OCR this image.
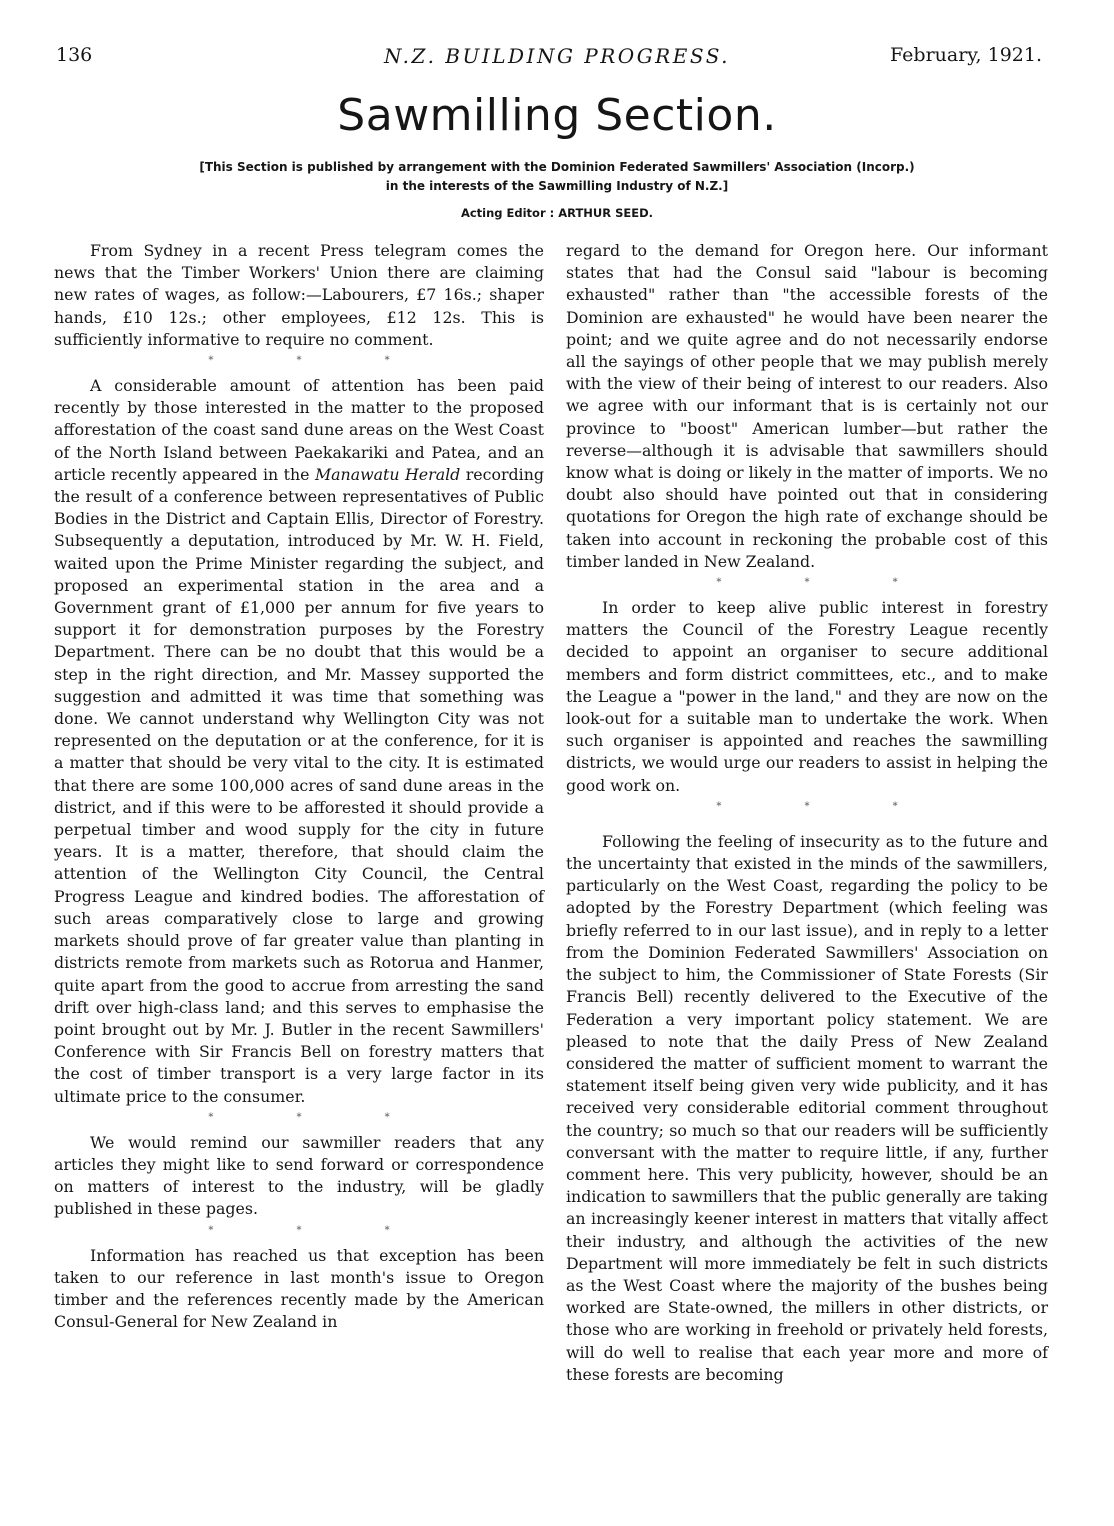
136	N.Z. BUILDING PROGRESS.	February, 1921.
Sawmilling Section.
[This Section is published by arrangement with the Dominion Federated Sawmillers' Association (Incorp.)
in the interests of the Sawmilling Industry of N.Z.]
Acting Editor : ARTHUR SEED.

From Sydney in a recent Press telegram comes the news that the Timber Workers' Union there are claiming new rates of wages, as follow:—Labourers, £7 16s.; shaper hands, £10 12s.; other employees, £12 12s. This is sufficiently informative to require no comment.

* * *

A considerable amount of attention has been paid recently by those interested in the matter to the proposed afforestation of the coast sand dune areas on the West Coast of the North Island between Paekakariki and Patea, and an article recently appeared in the Manawatu Herald recording the result of a conference between representatives of Public Bodies in the District and Captain Ellis, Director of Forestry. Subsequently a deputation, introduced by Mr. W. H. Field, waited upon the Prime Minister regarding the subject, and proposed an experimental station in the area and a Government grant of £1,000 per annum for five years to support it for demonstration purposes by the Forestry Department. There can be no doubt that this would be a step in the right direction, and Mr. Massey supported the suggestion and admitted it was time that something was done. We cannot understand why Wellington City was not represented on the deputation or at the conference, for it is a matter that should be very vital to the city. It is estimated that there are some 100,000 acres of sand dune areas in the district, and if this were to be afforested it should provide a perpetual timber and wood supply for the city in future years. It is a matter, therefore, that should claim the attention of the Wellington City Council, the Central Progress League and kindred bodies. The afforestation of such areas comparatively close to large and growing markets should prove of far greater value than planting in districts remote from markets such as Rotorua and Hanmer, quite apart from the good to accrue from arresting the sand drift over high-class land; and this serves to emphasise the point brought out by Mr. J. Butler in the recent Sawmillers' Conference with Sir Francis Bell on forestry matters that the cost of timber transport is a very large factor in its ultimate price to the consumer.

* * *

We would remind our sawmiller readers that any articles they might like to send forward or correspondence on matters of interest to the industry, will be gladly published in these pages.

* * *

Information has reached us that exception has been taken to our reference in last month's issue to Oregon timber and the references recently made by the American Consul-General for New Zealand in

regard to the demand for Oregon here. Our informant states that had the Consul said "labour is becoming exhausted" rather than "the accessible forests of the Dominion are exhausted" he would have been nearer the point; and we quite agree and do not necessarily endorse all the sayings of other people that we may publish merely with the view of their being of interest to our readers. Also we agree with our informant that is is certainly not our province to "boost" American lumber—but rather the reverse—although it is advisable that sawmillers should know what is doing or likely in the matter of imports. We no doubt also should have pointed out that in considering quotations for Oregon the high rate of exchange should be taken into account in reckoning the probable cost of this timber landed in New Zealand.

* * *

In order to keep alive public interest in forestry matters the Council of the Forestry League recently decided to appoint an organiser to secure additional members and form district committees, etc., and to make the League a "power in the land," and they are now on the look-out for a suitable man to undertake the work. When such organiser is appointed and reaches the sawmilling districts, we would urge our readers to assist in helping the good work on.

* * *

Following the feeling of insecurity as to the future and the uncertainty that existed in the minds of the sawmillers, particularly on the West Coast, regarding the policy to be adopted by the Forestry Department (which feeling was briefly referred to in our last issue), and in reply to a letter from the Dominion Federated Sawmillers' Association on the subject to him, the Commissioner of State Forests (Sir Francis Bell) recently delivered to the Executive of the Federation a very important policy statement. We are pleased to note that the daily Press of New Zealand considered the matter of sufficient moment to warrant the statement itself being given very wide publicity, and it has received very considerable editorial comment throughout the country; so much so that our readers will be sufficiently conversant with the matter to require little, if any, further comment here. This very publicity, however, should be an indication to sawmillers that the public generally are taking an increasingly keener interest in matters that vitally affect their industry, and although the activities of the new Department will more immediately be felt in such districts as the West Coast where the majority of the bushes being worked are State-owned, the millers in other districts, or those who are working in freehold or privately held forests, will do well to realise that each year more and more of these forests are becoming
